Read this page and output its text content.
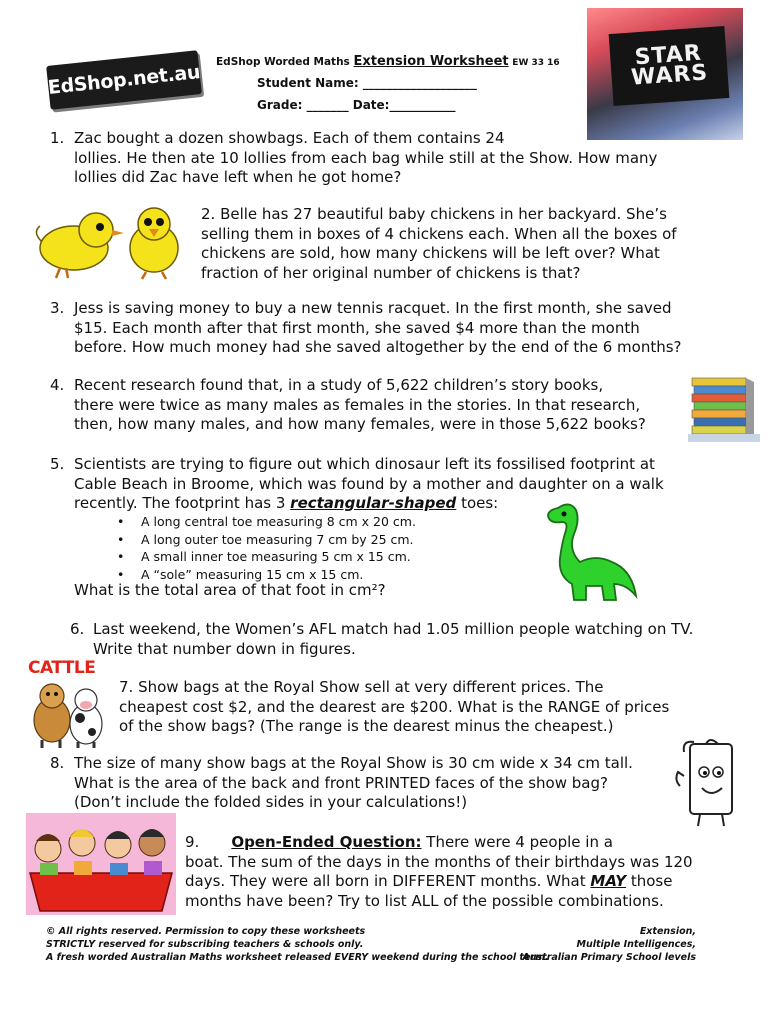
EdShop.net.au EdShop Worded Maths Extension Worksheet EW 33 16
Student Name: ___________________
Grade: _______ Date:___________
STAR WARS
1. Zac bought a dozen showbags. Each of them contains 24

lollies. He then ate 10 lollies from each bag while still at the Show. How many

lollies did Zac have left when he got home?

2. Belle has 27 beautiful baby chickens in her backyard. She’s

selling them in boxes of 4 chickens each. When all the boxes of

chickens are sold, how many chickens will be left over? What

fraction of her original number of chickens is that?

3. Jess is saving money to buy a new tennis racquet. In the first month, she saved

$15. Each month after that first month, she saved $4 more than the month

before. How much money had she saved altogether by the end of the 6 months?

4. Recent research found that, in a study of 5,622 children’s story books,

there were twice as many males as females in the stories. In that research,

then, how many males, and how many females, were in those 5,622 books?

5. Scientists are trying to figure out which dinosaur left its fossilised footprint at

Cable Beach in Broome, which was found by a mother and daughter on a walk

recently. The footprint has 3 rectangular-shaped toes:

• A long central toe measuring 8 cm x 20 cm.
• A long outer toe measuring 7 cm by 25 cm.
• A small inner toe measuring 5 cm x 15 cm.
• A “sole” measuring 15 cm x 15 cm.
What is the total area of that foot in cm²?
6. Last weekend, the Women’s AFL match had 1.05 million people watching on TV.

Write that number down in figures.

CATTLE

7. Show bags at the Royal Show sell at very different prices. The

cheapest cost $2, and the dearest are $200. What is the RANGE of prices

of the show bags? (The range is the dearest minus the cheapest.)

8. The size of many show bags at the Royal Show is 30 cm wide x 34 cm tall.

What is the area of the back and front PRINTED faces of the show bag?

(Don’t include the folded sides in your calculations!)

9. Open-Ended Question: There were 4 people in a

boat. The sum of the days in the months of their birthdays was 120

days. They were all born in DIFFERENT months. What MAY those

months have been? Try to list ALL of the possible combinations.

© All rights reserved. Permission to copy these worksheets

STRICTLY reserved for subscribing teachers & schools only.

A fresh worded Australian Maths worksheet released EVERY weekend during the school term.

Extension,

Multiple Intelligences,

Australian Primary School levels
